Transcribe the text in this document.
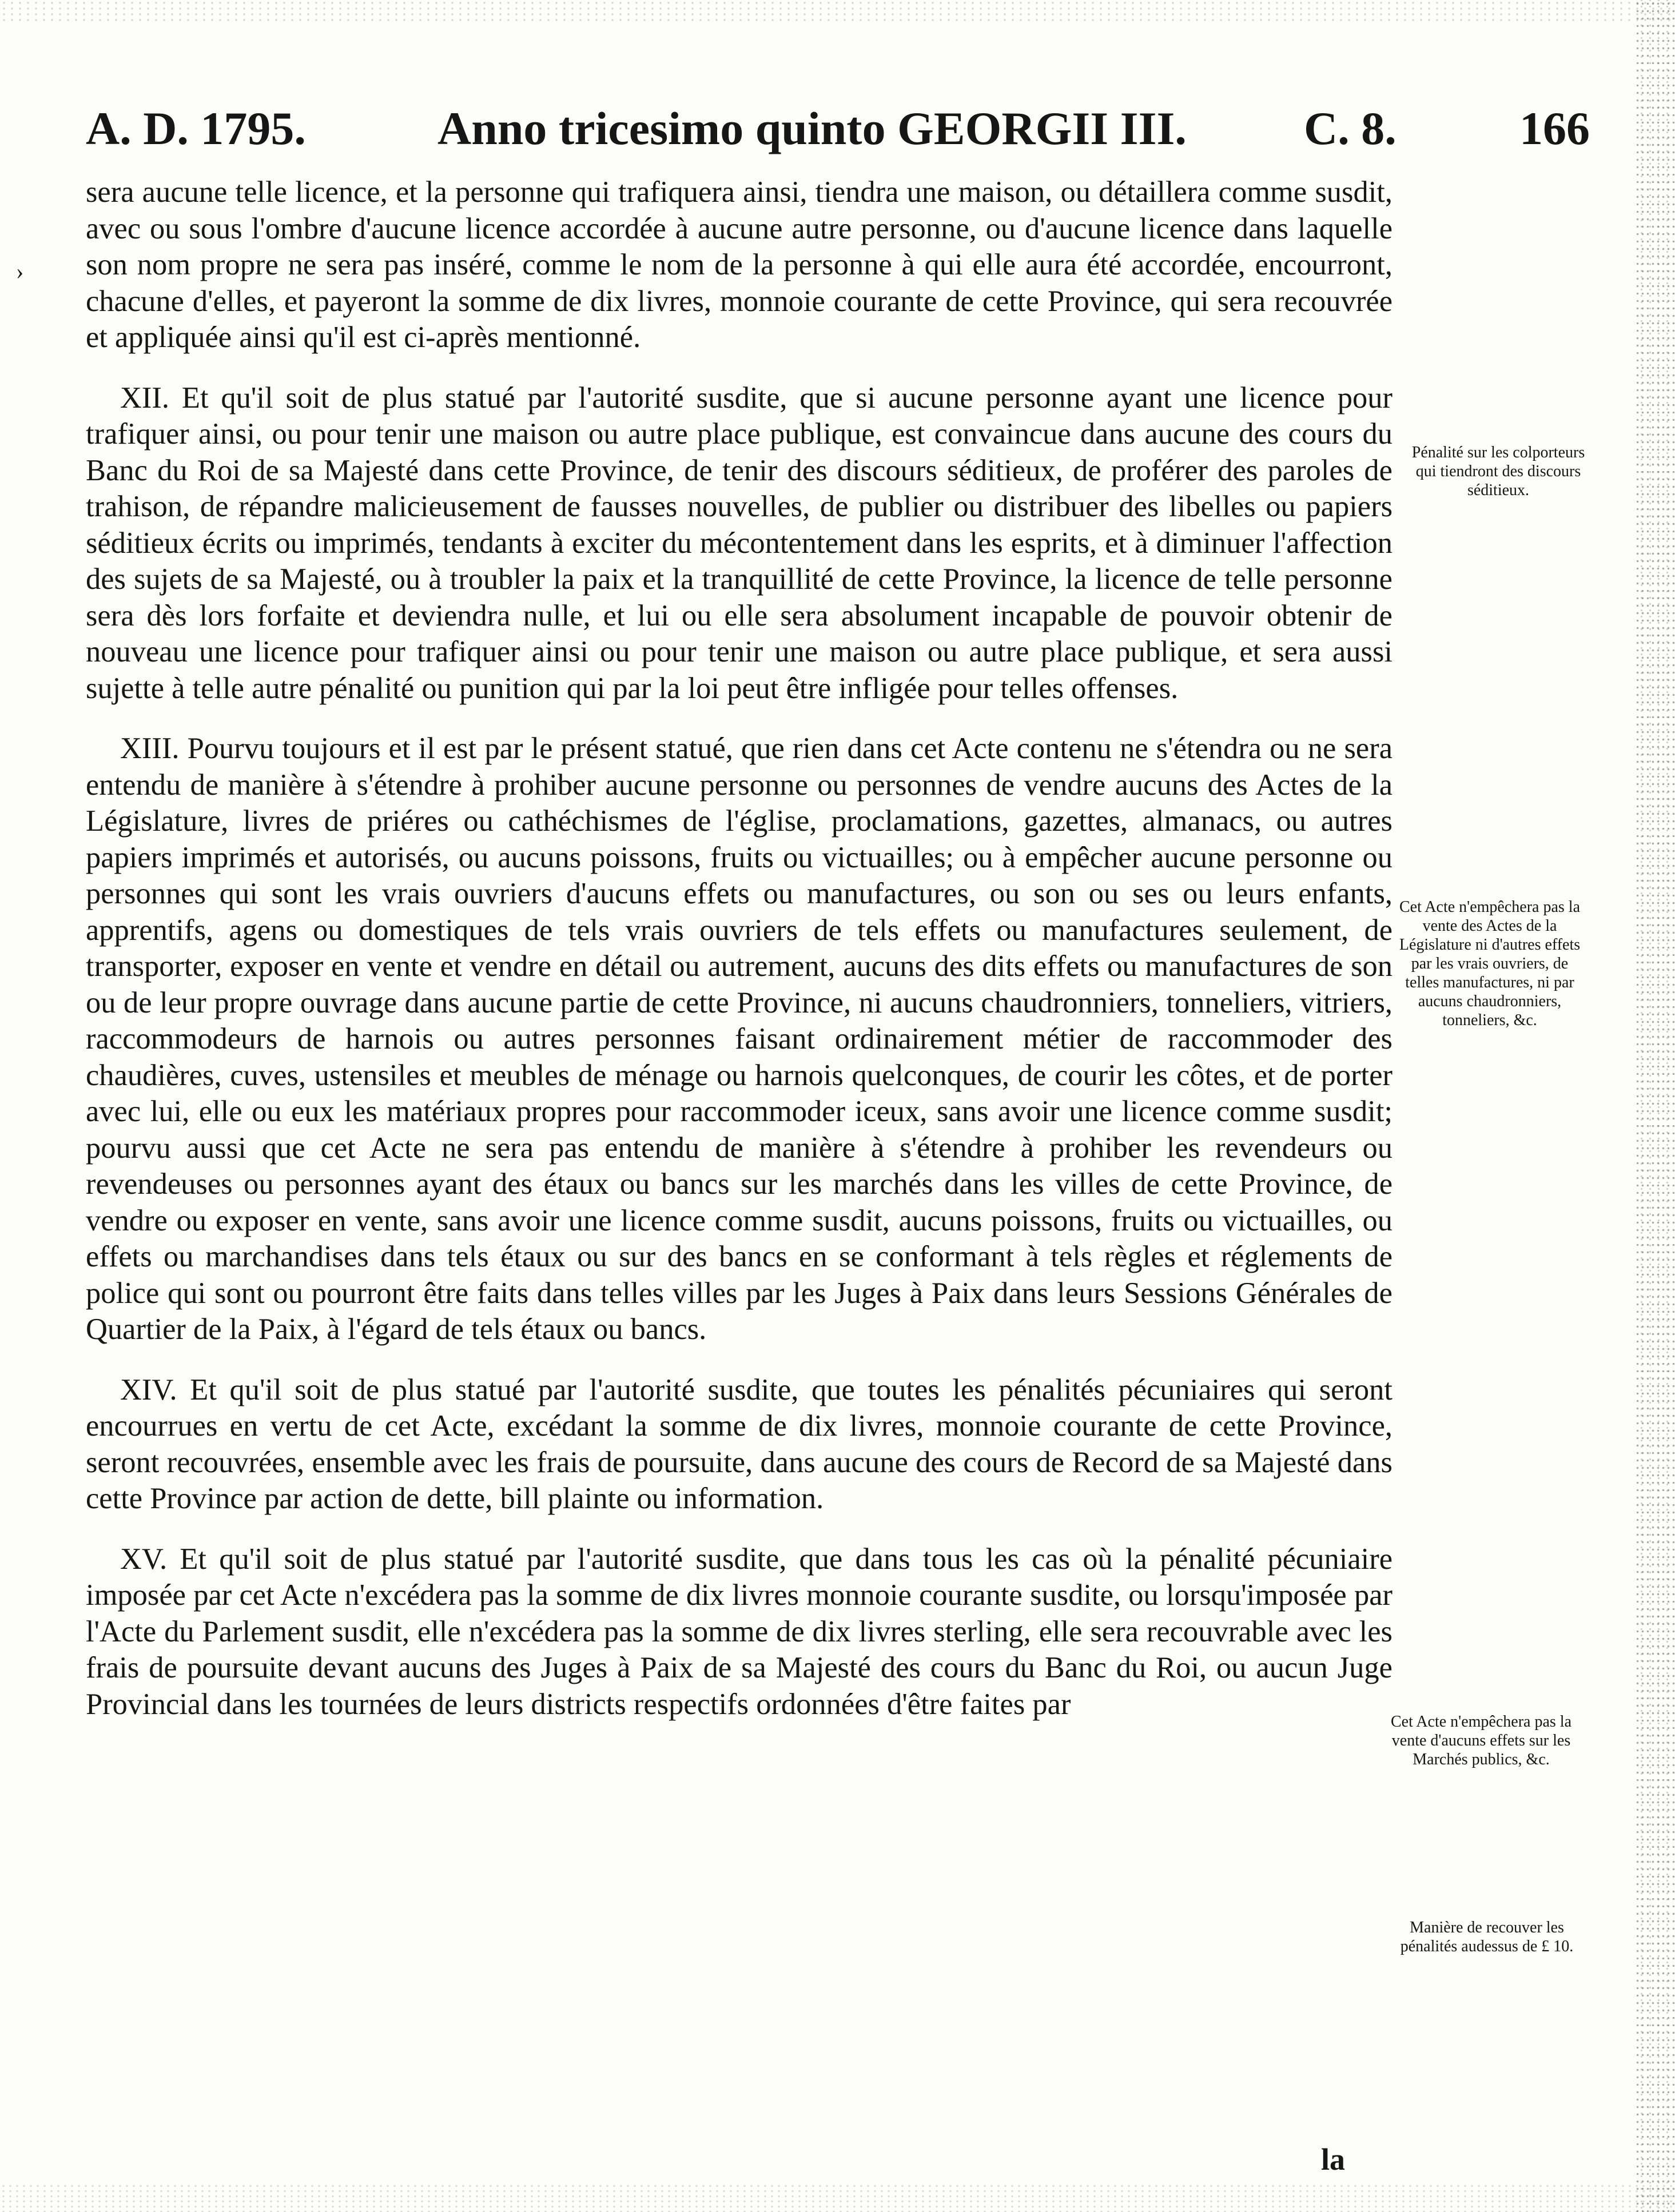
›
A. D. 1795.	Anno tricesimo quinto GEORGII III.	C. 8.	166

sera aucune telle licence, et la personne qui trafiquera ainsi, tiendra une maison, ou détaillera comme susdit, avec ou sous l'ombre d'aucune licence accordée à aucune autre personne, ou d'aucune licence dans laquelle son nom propre ne sera pas inséré, comme le nom de la personne à qui elle aura été accordée, encourront, chacune d'elles, et payeront la somme de dix livres, monnoie courante de cette Province, qui sera recouvrée et appliquée ainsi qu'il est ci-après mentionné.

XII. Et qu'il soit de plus statué par l'autorité susdite, que si aucune personne ayant une licence pour trafiquer ainsi, ou pour tenir une maison ou autre place publique, est convaincue dans aucune des cours du Banc du Roi de sa Majesté dans cette Province, de tenir des discours séditieux, de proférer des paroles de trahison, de répandre malicieusement de fausses nouvelles, de publier ou distribuer des libelles ou papiers séditieux écrits ou imprimés, tendants à exciter du mécontentement dans les esprits, et à diminuer l'affection des sujets de sa Majesté, ou à troubler la paix et la tranquillité de cette Province, la licence de telle personne sera dès lors forfaite et deviendra nulle, et lui ou elle sera absolument incapable de pouvoir obtenir de nouveau une licence pour trafiquer ainsi ou pour tenir une maison ou autre place publique, et sera aussi sujette à telle autre pénalité ou punition qui par la loi peut être infligée pour telles offenses.

XIII. Pourvu toujours et il est par le présent statué, que rien dans cet Acte contenu ne s'étendra ou ne sera entendu de manière à s'étendre à prohiber aucune personne ou personnes de vendre aucuns des Actes de la Législature, livres de priéres ou cathéchismes de l'église, proclamations, gazettes, almanacs, ou autres papiers imprimés et autorisés, ou aucuns poissons, fruits ou victuailles; ou à empêcher aucune personne ou personnes qui sont les vrais ouvriers d'aucuns effets ou manufactures, ou son ou ses ou leurs enfants, apprentifs, agens ou domestiques de tels vrais ouvriers de tels effets ou manufactures seulement, de transporter, exposer en vente et vendre en détail ou autrement, aucuns des dits effets ou manufactures de son ou de leur propre ouvrage dans aucune partie de cette Province, ni aucuns chaudronniers, tonneliers, vitriers, raccommodeurs de harnois ou autres personnes faisant ordinairement métier de raccommoder des chaudières, cuves, ustensiles et meubles de ménage ou harnois quelconques, de courir les côtes, et de porter avec lui, elle ou eux les matériaux propres pour raccommoder iceux, sans avoir une licence comme susdit; pourvu aussi que cet Acte ne sera pas entendu de manière à s'étendre à prohiber les revendeurs ou revendeuses ou personnes ayant des étaux ou bancs sur les marchés dans les villes de cette Province, de vendre ou exposer en vente, sans avoir une licence comme susdit, aucuns poissons, fruits ou victuailles, ou effets ou marchandises dans tels étaux ou sur des bancs en se conformant à tels règles et réglements de police qui sont ou pourront être faits dans telles villes par les Juges à Paix dans leurs Sessions Générales de Quartier de la Paix, à l'égard de tels étaux ou bancs.

XIV. Et qu'il soit de plus statué par l'autorité susdite, que toutes les pénalités pécuniaires qui seront encourrues en vertu de cet Acte, excédant la somme de dix livres, monnoie courante de cette Province, seront recouvrées, ensemble avec les frais de poursuite, dans aucune des cours de Record de sa Majesté dans cette Province par action de dette, bill plainte ou information.

XV. Et qu'il soit de plus statué par l'autorité susdite, que dans tous les cas où la pénalité pécuniaire imposée par cet Acte n'excédera pas la somme de dix livres monnoie courante susdite, ou lorsqu'imposée par l'Acte du Parlement susdit, elle n'excédera pas la somme de dix livres sterling, elle sera recouvrable avec les frais de poursuite devant aucuns des Juges à Paix de sa Majesté des cours du Banc du Roi, ou aucun Juge Provincial dans les tournées de leurs districts respectifs ordonnées d'être faites par

Pénalité sur les colporteurs qui tiendront des discours séditieux.
Cet Acte n'empêchera pas la vente des Actes de la Législature ni d'autres effets par les vrais ouvriers, de telles manufactures, ni par aucuns chaudronniers, tonneliers, &c.
Cet Acte n'empêchera pas la vente d'aucuns effets sur les Marchés publics, &c.
Manière de recouver les pénalités audessus de £ 10.
la
